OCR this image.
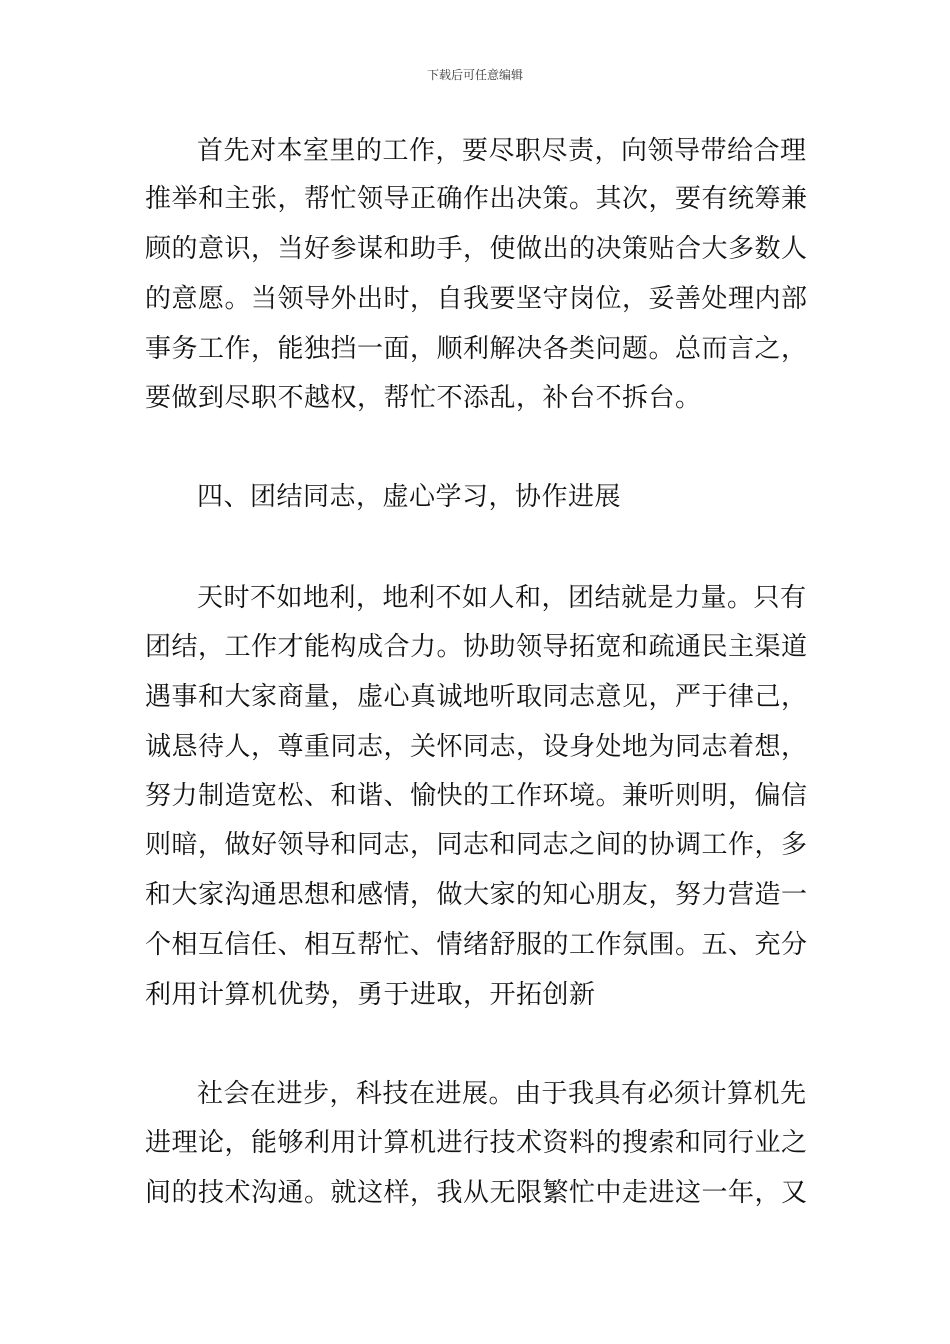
下载后可任意编辑
首先对本室里的工作，要尽职尽责，向领导带给合理
推举和主张，帮忙领导正确作出决策。其次，要有统筹兼
顾的意识，当好参谋和助手，使做出的决策贴合大多数人
的意愿。当领导外出时，自我要坚守岗位，妥善处理内部
事务工作，能独挡一面，顺利解决各类问题。总而言之，
要做到尽职不越权，帮忙不添乱，补台不拆台。
四、团结同志，虚心学习，协作进展
天时不如地利，地利不如人和，团结就是力量。只有
团结，工作才能构成合力。协助领导拓宽和疏通民主渠道
遇事和大家商量，虚心真诚地听取同志意见，严于律己，
诚恳待人，尊重同志，关怀同志，设身处地为同志着想，
努力制造宽松、和谐、愉快的工作环境。兼听则明，偏信
则暗，做好领导和同志，同志和同志之间的协调工作，多
和大家沟通思想和感情，做大家的知心朋友，努力营造一
个相互信任、相互帮忙、情绪舒服的工作氛围。五、充分
利用计算机优势，勇于进取，开拓创新
社会在进步，科技在进展。由于我具有必须计算机先
进理论，能够利用计算机进行技术资料的搜索和同行业之
间的技术沟通。就这样，我从无限繁忙中走进这一年，又
